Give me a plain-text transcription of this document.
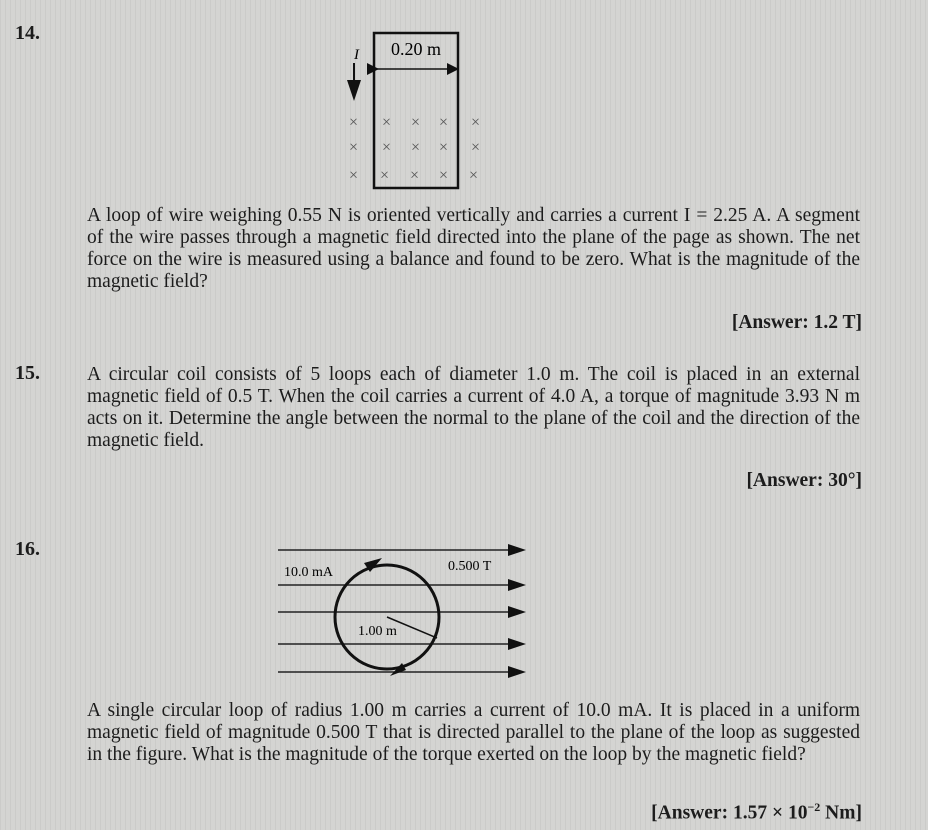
14.
0.20 m
I
× × × × ×
× × × × ×
× × × × ×
A loop of wire weighing 0.55 N is oriented vertically and carries a current I = 2.25 A. A segment of the wire passes through a magnetic field directed into the plane of the page as shown. The net force on the wire is measured using a balance and found to be zero. What is the magnitude of the magnetic field?
[Answer: 1.2 T]
15. A circular coil consists of 5 loops each of diameter 1.0 m. The coil is placed in an external magnetic field of 0.5 T. When the coil carries a current of 4.0 A, a torque of magnitude 3.93 N m acts on it. Determine the angle between the normal to the plane of the coil and the direction of the magnetic field.
[Answer: 30°]
16.
10.0 mA	0.500 T
1.00 m
A single circular loop of radius 1.00 m carries a current of 10.0 mA. It is placed in a uniform magnetic field of magnitude 0.500 T that is directed parallel to the plane of the loop as suggested in the figure. What is the magnitude of the torque exerted on the loop by the magnetic field?
[Answer: $1.57 \times 10^{-2}$ Nm]
